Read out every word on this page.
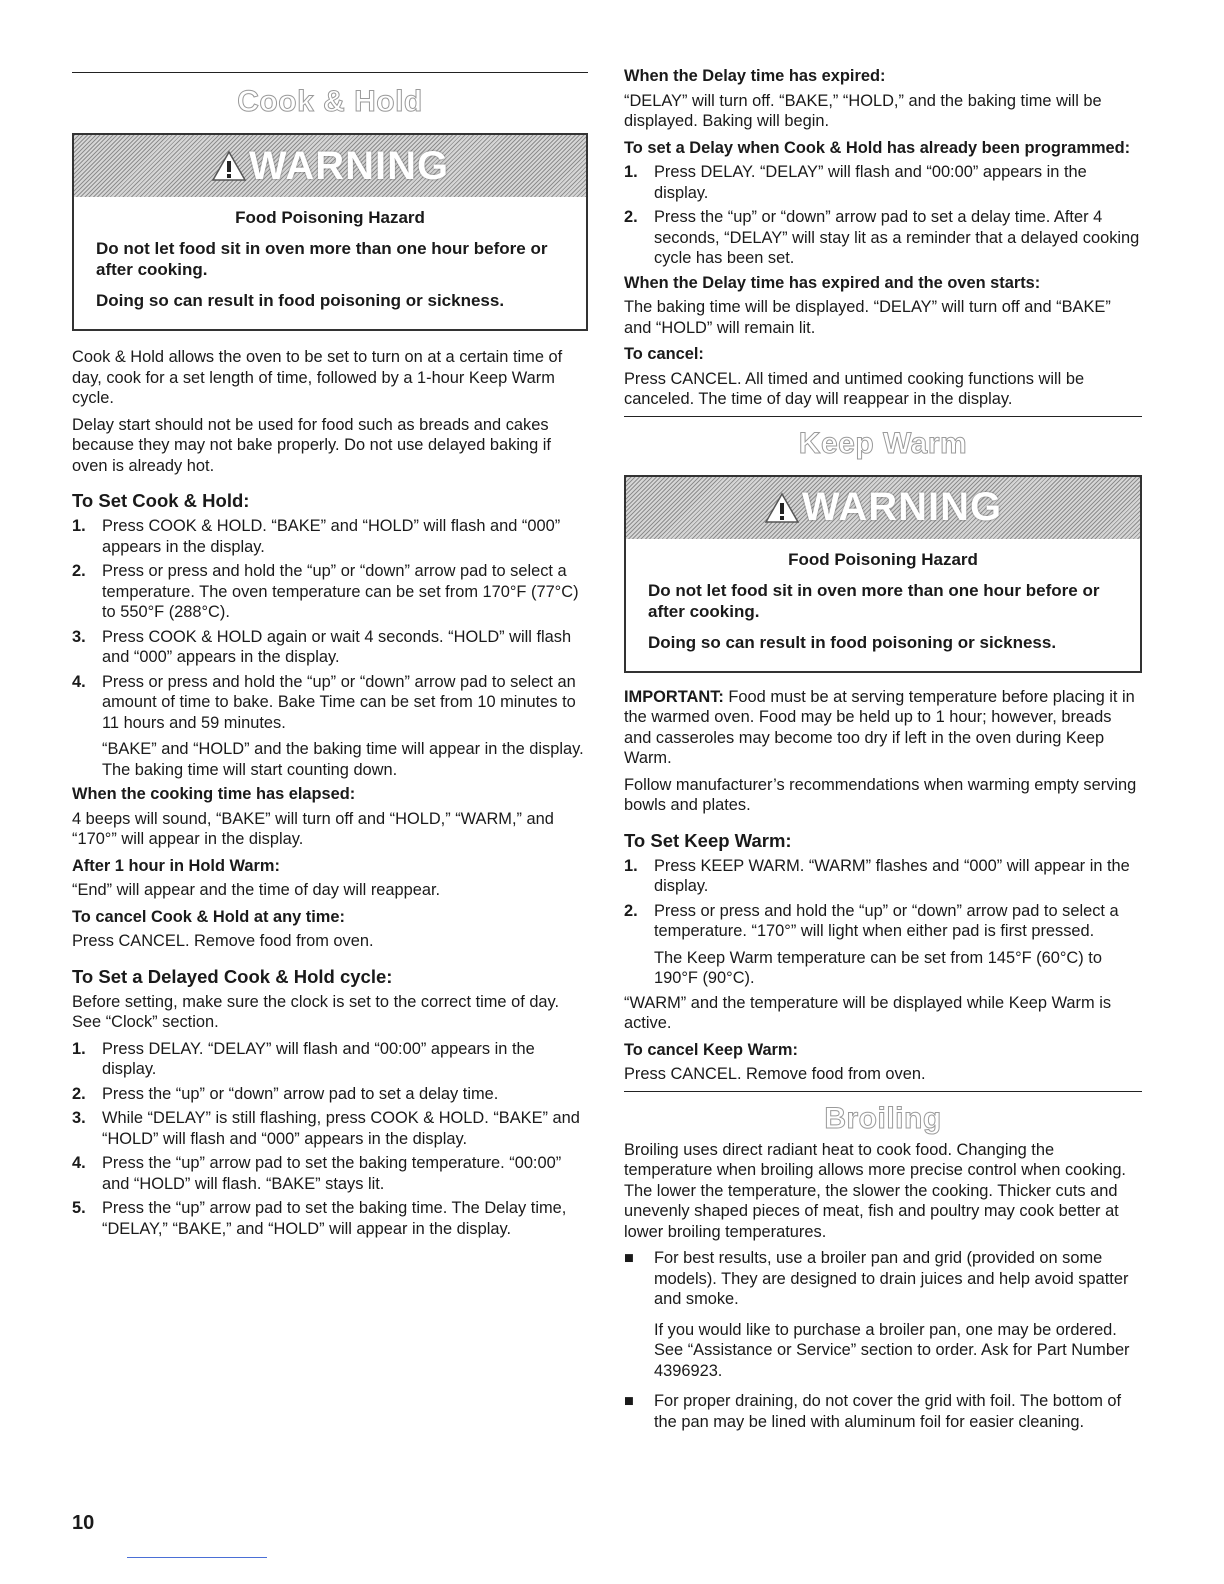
Cook & Hold
WARNING

Food Poisoning Hazard

Do not let food sit in oven more than one hour before or after cooking.

Doing so can result in food poisoning or sickness.

Cook & Hold allows the oven to be set to turn on at a certain time of day, cook for a set length of time, followed by a 1-hour Keep Warm cycle.

Delay start should not be used for food such as breads and cakes because they may not bake properly. Do not use delayed baking if oven is already hot.

To Set Cook & Hold:
1. Press COOK & HOLD. “BAKE” and “HOLD” will flash and “000” appears in the display.
2. Press or press and hold the “up” or “down” arrow pad to select a temperature. The oven temperature can be set from 170°F (77°C) to 550°F (288°C).
3. Press COOK & HOLD again or wait 4 seconds. “HOLD” will flash and “000” appears in the display.
4. Press or press and hold the “up” or “down” arrow pad to select an amount of time to bake. Bake Time can be set from 10 minutes to 11 hours and 59 minutes.
“BAKE” and “HOLD” and the baking time will appear in the display. The baking time will start counting down.
When the cooking time has elapsed:

4 beeps will sound, “BAKE” will turn off and “HOLD,” “WARM,” and “170°” will appear in the display.

After 1 hour in Hold Warm:

“End” will appear and the time of day will reappear.

To cancel Cook & Hold at any time:

Press CANCEL. Remove food from oven.

To Set a Delayed Cook & Hold cycle:

Before setting, make sure the clock is set to the correct time of day. See “Clock” section.

1. Press DELAY. “DELAY” will flash and “00:00” appears in the display.
2. Press the “up” or “down” arrow pad to set a delay time.
3. While “DELAY” is still flashing, press COOK & HOLD. “BAKE” and “HOLD” will flash and “000” appears in the display.
4. Press the “up” arrow pad to set the baking temperature. “00:00” and “HOLD” will flash. “BAKE” stays lit.
5. Press the “up” arrow pad to set the baking time. The Delay time, “DELAY,” “BAKE,” and “HOLD” will appear in the display.
When the Delay time has expired:

“DELAY” will turn off. “BAKE,” “HOLD,” and the baking time will be displayed. Baking will begin.

To set a Delay when Cook & Hold has already been programmed:
1. Press DELAY. “DELAY” will flash and “00:00” appears in the display.
2. Press the “up” or “down” arrow pad to set a delay time. After 4 seconds, “DELAY” will stay lit as a reminder that a delayed cooking cycle has been set.
When the Delay time has expired and the oven starts:

The baking time will be displayed. “DELAY” will turn off and “BAKE” and “HOLD” will remain lit.

To cancel:

Press CANCEL. All timed and untimed cooking functions will be canceled. The time of day will reappear in the display.

Keep Warm
WARNING

Food Poisoning Hazard

Do not let food sit in oven more than one hour before or after cooking.

Doing so can result in food poisoning or sickness.

IMPORTANT: Food must be at serving temperature before placing it in the warmed oven. Food may be held up to 1 hour; however, breads and casseroles may become too dry if left in the oven during Keep Warm.

Follow manufacturer’s recommendations when warming empty serving bowls and plates.

To Set Keep Warm:
1. Press KEEP WARM. “WARM” flashes and “000” will appear in the display.
2. Press or press and hold the “up” or “down” arrow pad to select a temperature. “170°” will light when either pad is first pressed.
The Keep Warm temperature can be set from 145°F (60°C) to 190°F (90°C).

“WARM” and the temperature will be displayed while Keep Warm is active.

To cancel Keep Warm:

Press CANCEL. Remove food from oven.

Broiling

Broiling uses direct radiant heat to cook food. Changing the temperature when broiling allows more precise control when cooking. The lower the temperature, the slower the cooking. Thicker cuts and unevenly shaped pieces of meat, fish and poultry may cook better at lower broiling temperatures.

■ For best results, use a broiler pan and grid (provided on some models). They are designed to drain juices and help avoid spatter and smoke.
If you would like to purchase a broiler pan, one may be ordered. See “Assistance or Service” section to order. Ask for Part Number 4396923.
■ For proper draining, do not cover the grid with foil. The bottom of the pan may be lined with aluminum foil for easier cleaning.
10
